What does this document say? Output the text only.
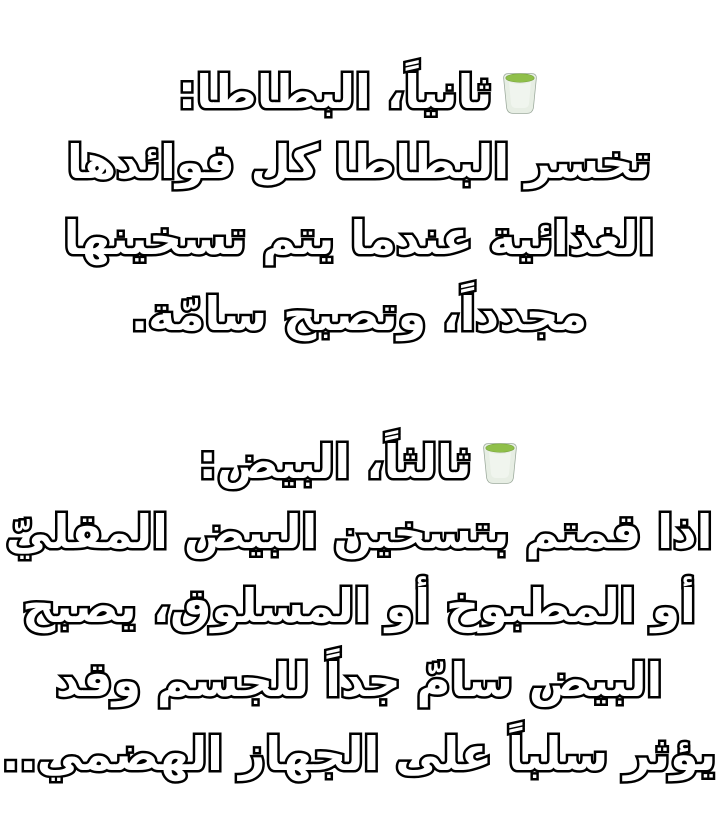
ثانياً، البطاطا:
تخسر البطاطا كل فوائدها
الغذائية عندما يتم تسخينها
مجدداً، وتصبح سامّة.
ثالثاً، البيض:
اذا قمتم بتسخين البيض المقليّ
أو المطبوخ أو المسلوق، يصبح
البيض سامّ جداً للجسم وقد
يؤثر سلباً على الجهاز الهضمي..
